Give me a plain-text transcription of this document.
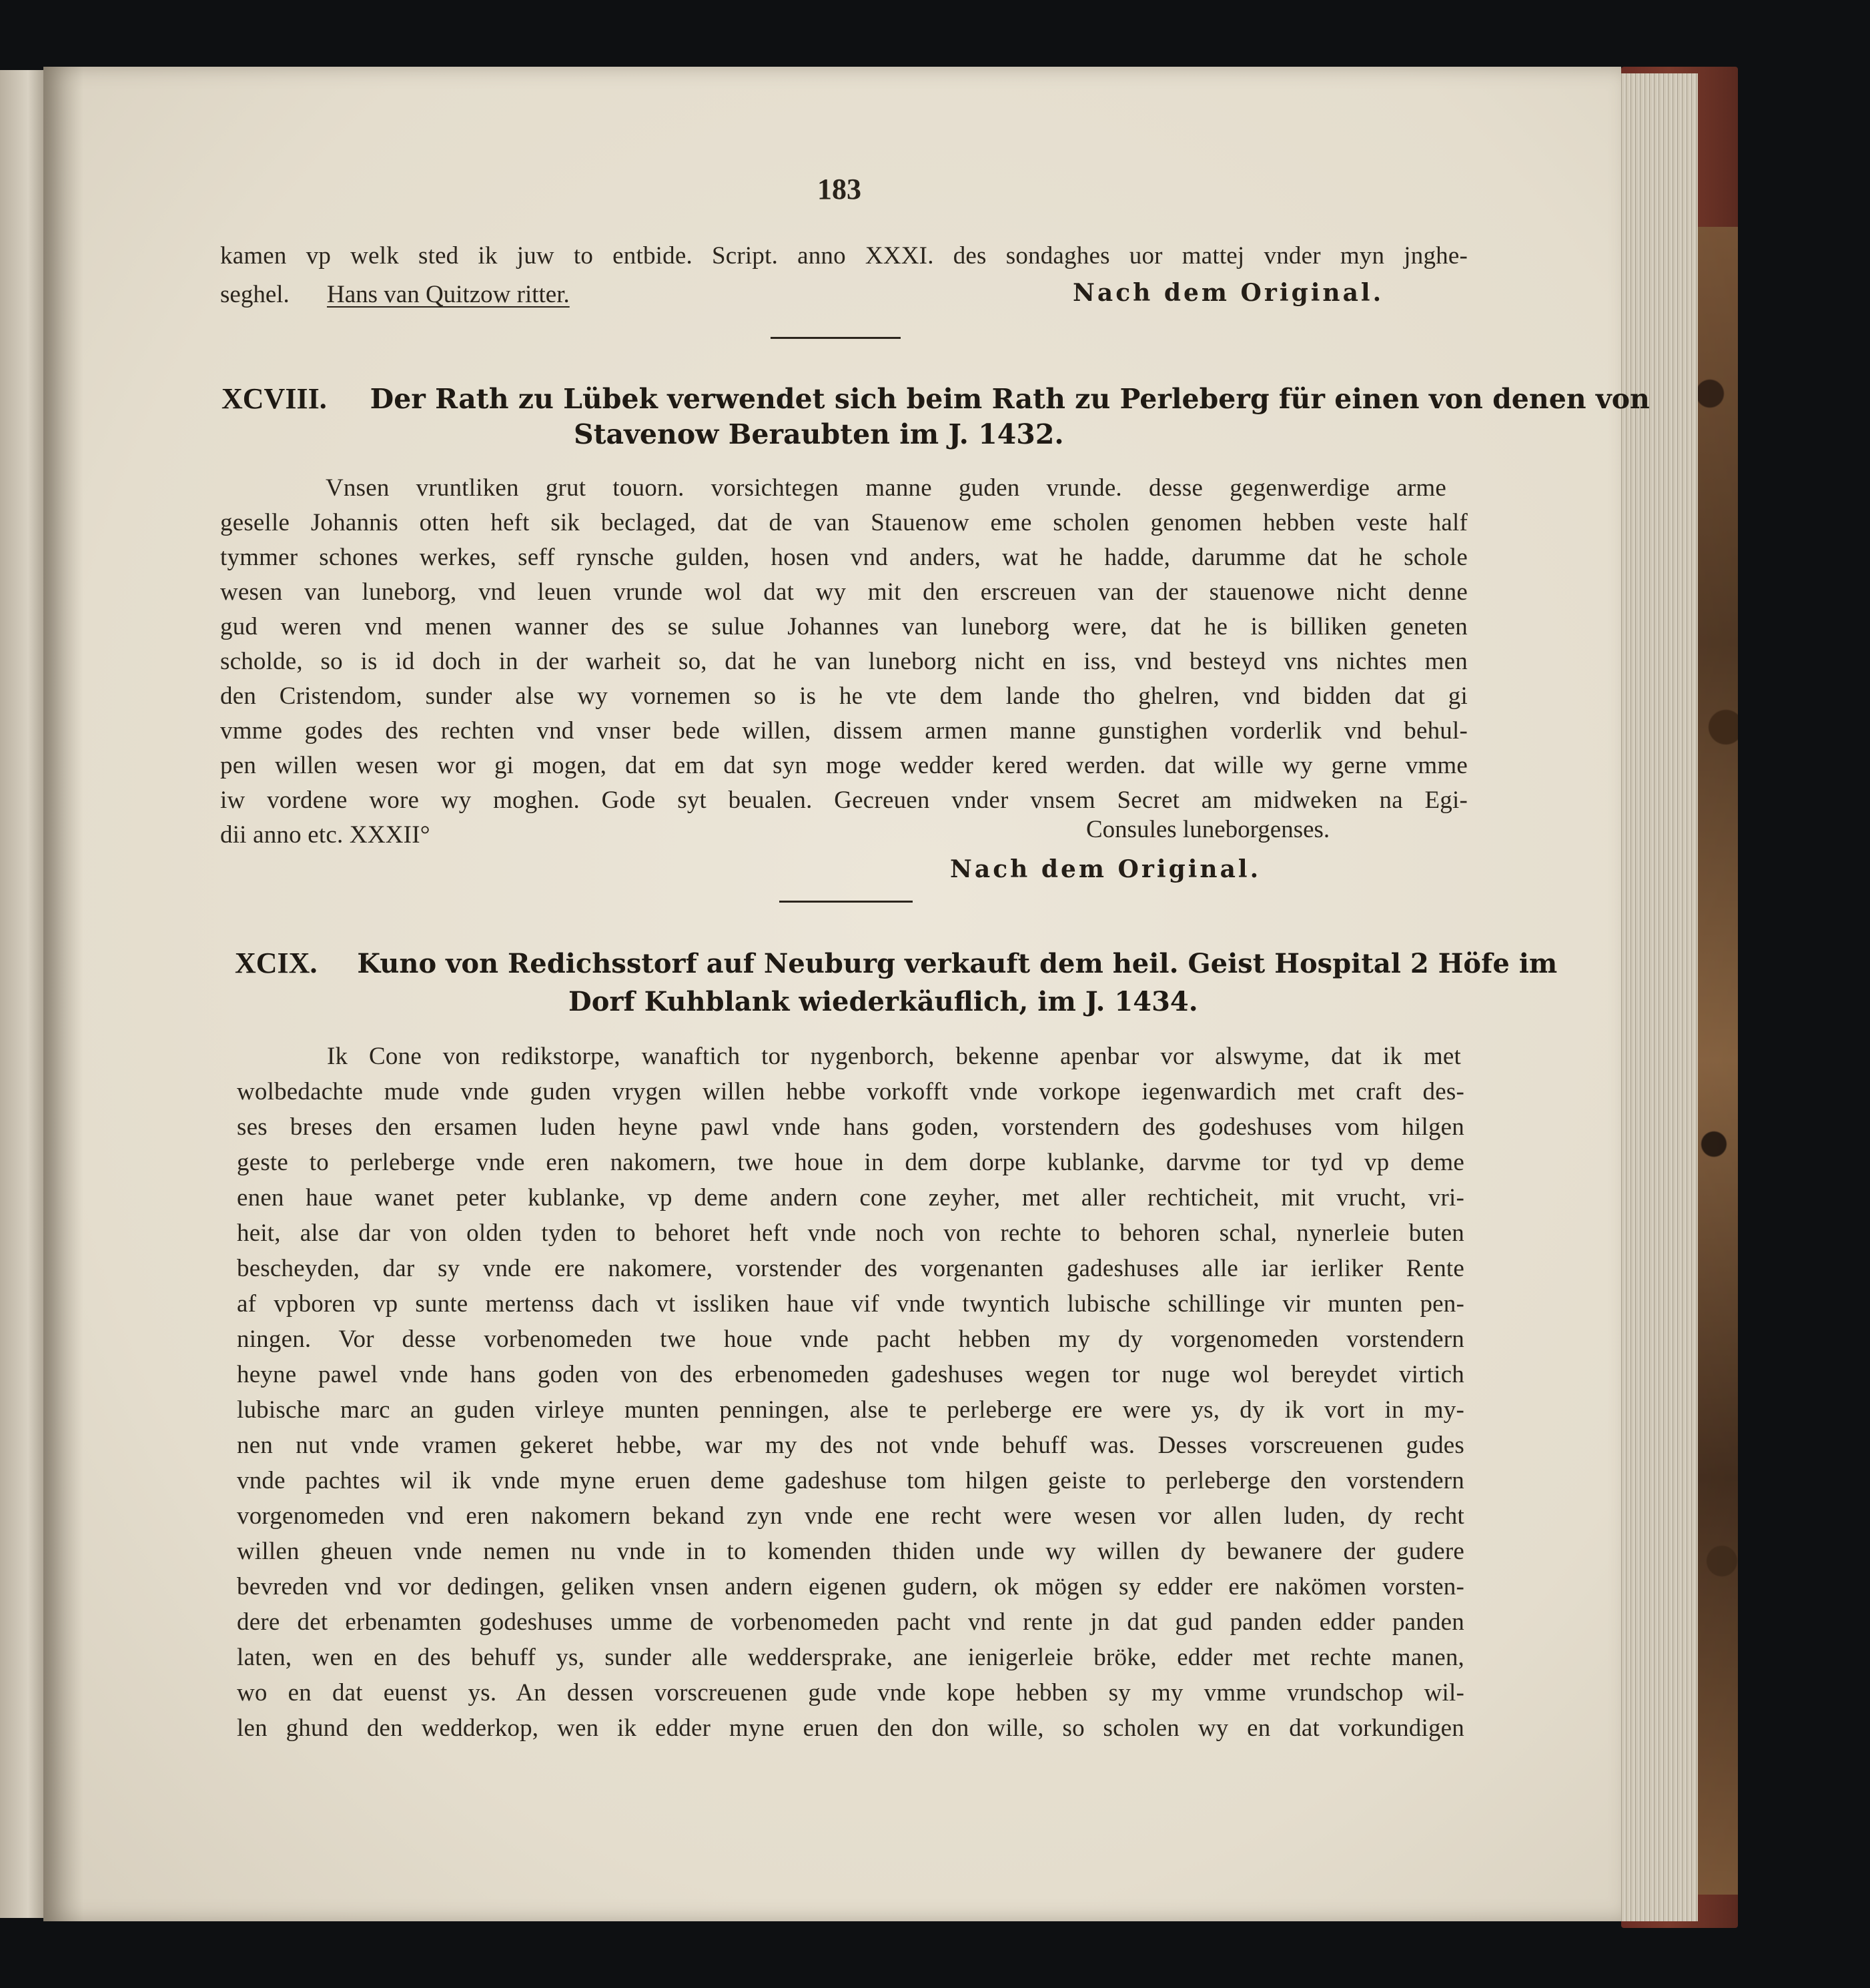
183
kamen vp welk sted ik juw to entbide. Script. anno XXXI. des sondaghes uor mattej vnder myn jnghe-
seghel. Hans van Quitzow ritter.	Nach dem Original.
XCVIII. Der Rath zu Lübek verwendet sich beim Rath zu Perleberg für einen von denen von
Stavenow Beraubten im J. 1432.
Vnsen vruntliken grut touorn. vorsichtegen manne guden vrunde. desse gegenwerdige arme
geselle Johannis otten heft sik beclaged, dat de van Stauenow eme scholen genomen hebben veste half
tymmer schones werkes, seff rynsche gulden, hosen vnd anders, wat he hadde, darumme dat he schole
wesen van luneborg, vnd leuen vrunde wol dat wy mit den erscreuen van der stauenowe nicht denne
gud weren vnd menen wanner des se sulue Johannes van luneborg were, dat he is billiken geneten
scholde, so is id doch in der warheit so, dat he van luneborg nicht en iss, vnd besteyd vns nichtes men
den Cristendom, sunder alse wy vornemen so is he vte dem lande tho ghelren, vnd bidden dat gi
vmme godes des rechten vnd vnser bede willen, dissem armen manne gunstighen vorderlik vnd behul-
pen willen wesen wor gi mogen, dat em dat syn moge wedder kered werden. dat wille wy gerne vmme
iw vordene wore wy moghen. Gode syt beualen. Gecreuen vnder vnsem Secret am midweken na Egi-
dii anno etc. XXXII°	Consules luneborgenses.
Nach dem Original.
XCIX. Kuno von Redichsstorf auf Neuburg verkauft dem heil. Geist Hospital 2 Höfe im
Dorf Kuhblank wiederkäuflich, im J. 1434.
Ik Cone von redikstorpe, wanaftich tor nygenborch, bekenne apenbar vor alswyme, dat ik met
wolbedachte mude vnde guden vrygen willen hebbe vorkofft vnde vorkope iegenwardich met craft des-
ses breses den ersamen luden heyne pawl vnde hans goden, vorstendern des godeshuses vom hilgen
geste to perleberge vnde eren nakomern, twe houe in dem dorpe kublanke, darvme tor tyd vp deme
enen haue wanet peter kublanke, vp deme andern cone zeyher, met aller rechticheit, mit vrucht, vri-
heit, alse dar von olden tyden to behoret heft vnde noch von rechte to behoren schal, nynerleie buten
bescheyden, dar sy vnde ere nakomere, vorstender des vorgenanten gadeshuses alle iar ierliker Rente
af vpboren vp sunte mertenss dach vt issliken haue vif vnde twyntich lubische schillinge vir munten pen-
ningen. Vor desse vorbenomeden twe houe vnde pacht hebben my dy vorgenomeden vorstendern
heyne pawel vnde hans goden von des erbenomeden gadeshuses wegen tor nuge wol bereydet virtich
lubische marc an guden virleye munten penningen, alse te perleberge ere were ys, dy ik vort in my-
nen nut vnde vramen gekeret hebbe, war my des not vnde behuff was. Desses vorscreuenen gudes
vnde pachtes wil ik vnde myne eruen deme gadeshuse tom hilgen geiste to perleberge den vorstendern
vorgenomeden vnd eren nakomern bekand zyn vnde ene recht were wesen vor allen luden, dy recht
willen gheuen vnde nemen nu vnde in to komenden thiden unde wy willen dy bewanere der gudere
bevreden vnd vor dedingen, geliken vnsen andern eigenen gudern, ok mögen sy edder ere nakömen vorsten-
dere det erbenamten godeshuses umme de vorbenomeden pacht vnd rente jn dat gud panden edder panden
laten, wen en des behuff ys, sunder alle weddersprake, ane ienigerleie bröke, edder met rechte manen,
wo en dat euenst ys. An dessen vorscreuenen gude vnde kope hebben sy my vmme vrundschop wil-
len ghund den wedderkop, wen ik edder myne eruen den don wille, so scholen wy en dat vorkundigen
